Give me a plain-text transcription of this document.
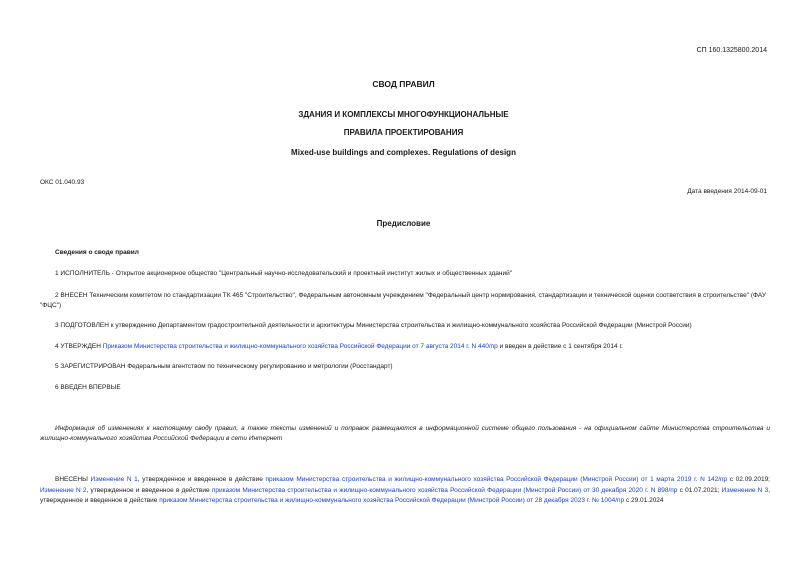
СП 160.1325800.2014
СВОД ПРАВИЛ
ЗДАНИЯ И КОМПЛЕКСЫ МНОГОФУНКЦИОНАЛЬНЫЕ
ПРАВИЛА ПРОЕКТИРОВАНИЯ
Mixed-use buildings and complexes. Regulations of design
ОКС 01.040.93
Дата введения 2014-09-01
Предисловие
Сведения о своде правил
1 ИСПОЛНИТЕЛЬ - Открытое акционерное общество "Центральный научно-исследовательский и проектный институт жилых и общественных зданий"
2 ВНЕСЕН Техническим комитетом по стандартизации ТК 465 "Строительство", Федеральным автономным учреждением "Федеральный центр нормирования, стандартизации и технической оценки соответствия в строительстве" (ФАУ "ФЦС")
3 ПОДГОТОВЛЕН к утверждению Департаментом градостроительной деятельности и архитектуры Министерства строительства и жилищно-коммунального хозяйства Российской Федерации (Минстрой России)
4 УТВЕРЖДЕН Приказом Министерства строительства и жилищно-коммунального хозяйства Российской Федерации от 7 августа 2014 г. N 440/пр и введен в действие с 1 сентября 2014 г.
5 ЗАРЕГИСТРИРОВАН Федеральным агентством по техническому регулированию и метрологии (Росстандарт)
6 ВВЕДЕН ВПЕРВЫЕ
Информация об изменениях к настоящему своду правил, а также тексты изменений и поправок размещаются в информационной системе общего пользования - на официальном сайте Министерства строительства и жилищно-коммунального хозяйства Российской Федерации в сети Интернет
ВНЕСЕНЫ Изменение N 1, утвержденное и введенное в действие приказом Министерства строительства и жилищно-коммунального хозяйства Российской Федерации (Минстрой России) от 1 марта 2019 г. N 142/пр с 02.09.2019; Изменение N 2, утвержденное и введенное в действие приказом Министерства строительства и жилищно-коммунального хозяйства Российской Федерации (Минстрой России) от 30 декабря 2020 г. N 898/пр с 01.07.2021; Изменение N 3, утвержденное и введенное в действие приказом Министерства строительства и жилищно-коммунального хозяйства Российской Федерации (Минстрой России) от 28 декабря 2023 г. № 1004/пр с 29.01.2024
